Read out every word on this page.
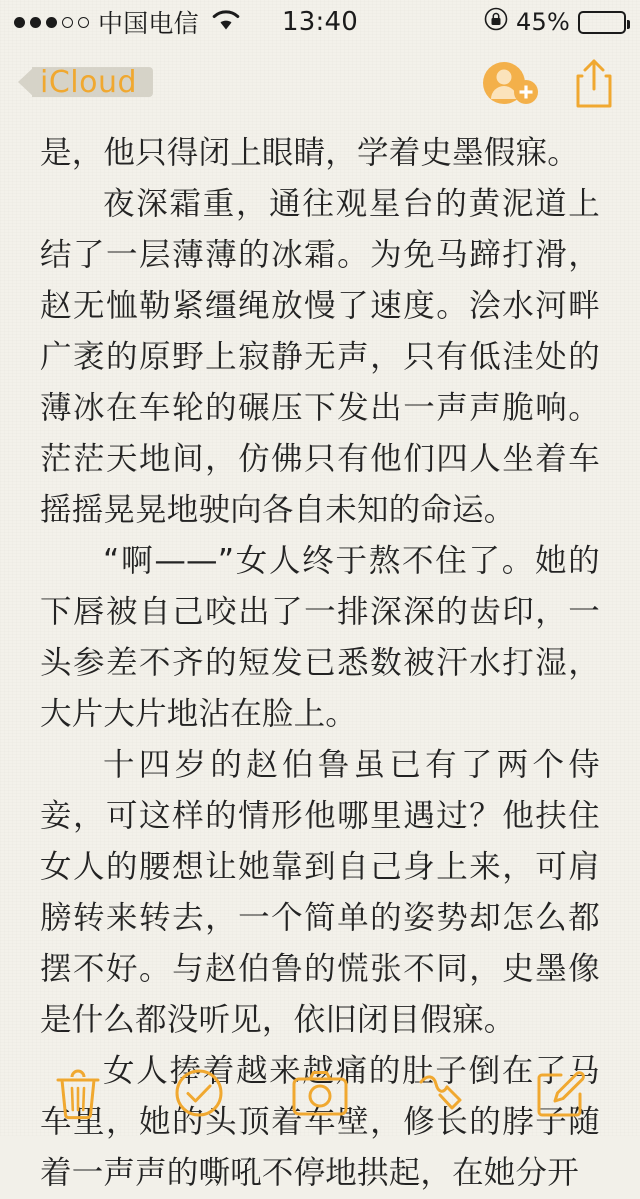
中国电信	13:40	45%
iCloud

是，他只得闭上眼睛，学着史墨假寐。

夜深霜重，通往观星台的黄泥道上结了一层薄薄的冰霜。为免马蹄打滑，赵无恤勒紧缰绳放慢了速度。浍水河畔广袤的原野上寂静无声，只有低洼处的薄冰在车轮的碾压下发出一声声脆响。茫茫天地间，仿佛只有他们四人坐着车摇摇晃晃地驶向各自未知的命运。

“啊——”女人终于熬不住了。她的下唇被自己咬出了一排深深的齿印，一头参差不齐的短发已悉数被汗水打湿，大片大片地沾在脸上。

十四岁的赵伯鲁虽已有了两个侍妾，可这样的情形他哪里遇过？他扶住女人的腰想让她靠到自己身上来，可肩膀转来转去，一个简单的姿势却怎么都摆不好。与赵伯鲁的慌张不同，史墨像是什么都没听见，依旧闭目假寐。

女人捧着越来越痛的肚子倒在了马车里，她的头顶着车壁，修长的脖子随着一声声的嘶吼不停地拱起，在她分开
